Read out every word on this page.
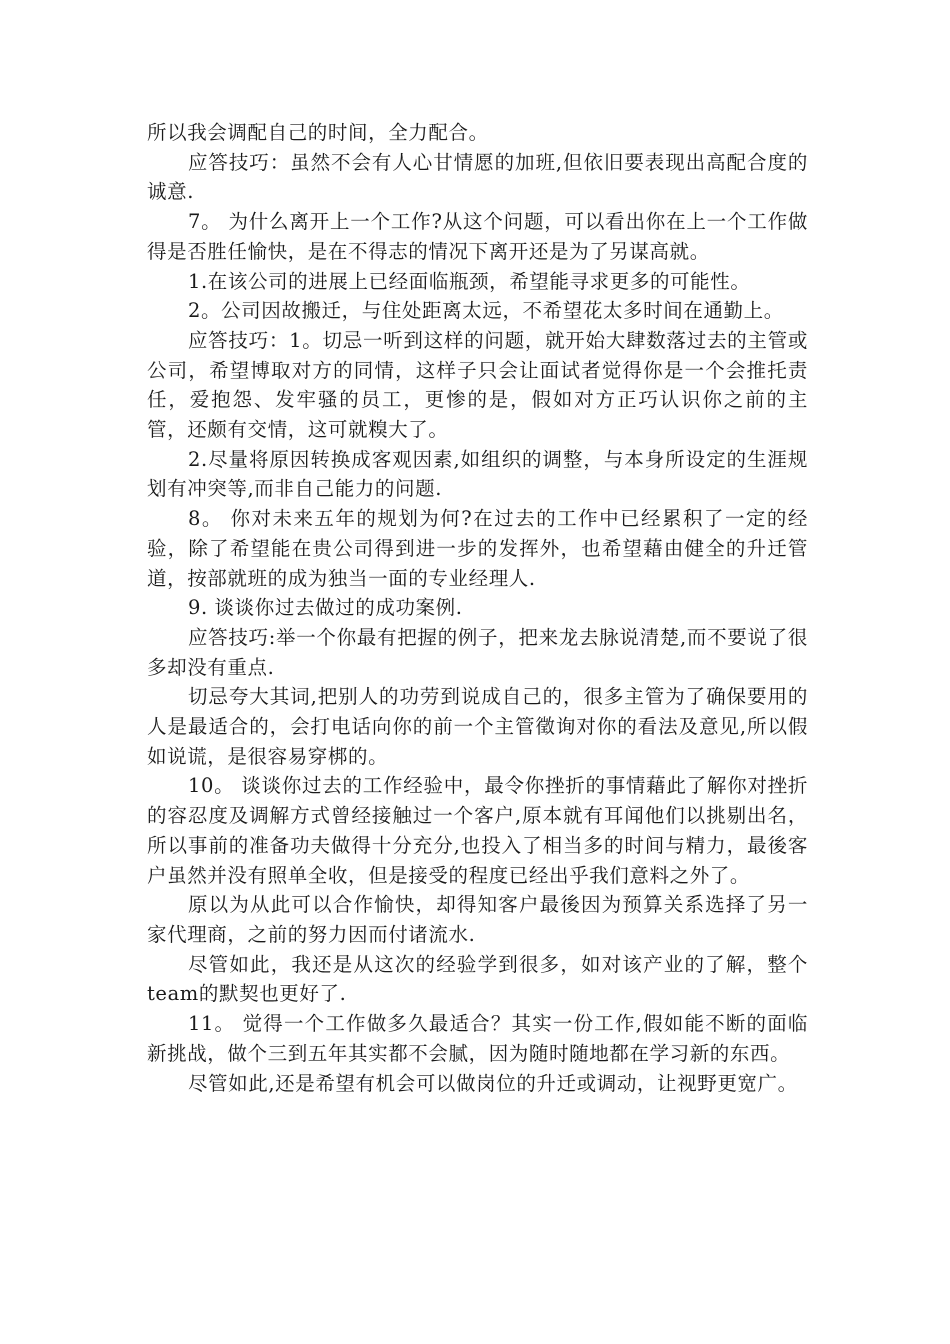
所以我会调配自己的时间，全力配合。

应答技巧：虽然不会有人心甘情愿的加班,但依旧要表现出高配合度的诚意.

7。 为什么离开上一个工作?从这个问题，可以看出你在上一个工作做得是否胜任愉快，是在不得志的情况下离开还是为了另谋高就。

1.在该公司的进展上已经面临瓶颈，希望能寻求更多的可能性。

2。公司因故搬迁，与住处距离太远，不希望花太多时间在通勤上。

应答技巧：1。切忌一听到这样的问题，就开始大肆数落过去的主管或公司，希望博取对方的同情，这样子只会让面试者觉得你是一个会推托责任，爱抱怨、发牢骚的员工，更惨的是，假如对方正巧认识你之前的主管，还颇有交情，这可就糗大了。

2.尽量将原因转换成客观因素,如组织的调整，与本身所设定的生涯规划有冲突等,而非自己能力的问题.

8。 你对未来五年的规划为何?在过去的工作中已经累积了一定的经验，除了希望能在贵公司得到进一步的发挥外，也希望藉由健全的升迁管道，按部就班的成为独当一面的专业经理人.

9. 谈谈你过去做过的成功案例.

应答技巧:举一个你最有把握的例子，把来龙去脉说清楚,而不要说了很多却没有重点.

切忌夸大其词,把别人的功劳到说成自己的，很多主管为了确保要用的人是最适合的，会打电话向你的前一个主管徵询对你的看法及意见,所以假如说谎，是很容易穿梆的。

10。 谈谈你过去的工作经验中，最令你挫折的事情藉此了解你对挫折的容忍度及调解方式曾经接触过一个客户,原本就有耳闻他们以挑剔出名，所以事前的准备功夫做得十分充分,也投入了相当多的时间与精力，最後客户虽然并没有照单全收，但是接受的程度已经出乎我们意料之外了。

原以为从此可以合作愉快，却得知客户最後因为预算关系选择了另一家代理商，之前的努力因而付诸流水.

尽管如此，我还是从这次的经验学到很多，如对该产业的了解，整个team的默契也更好了.

11。 觉得一个工作做多久最适合？其实一份工作,假如能不断的面临新挑战，做个三到五年其实都不会腻，因为随时随地都在学习新的东西。

尽管如此,还是希望有机会可以做岗位的升迁或调动，让视野更宽广。
